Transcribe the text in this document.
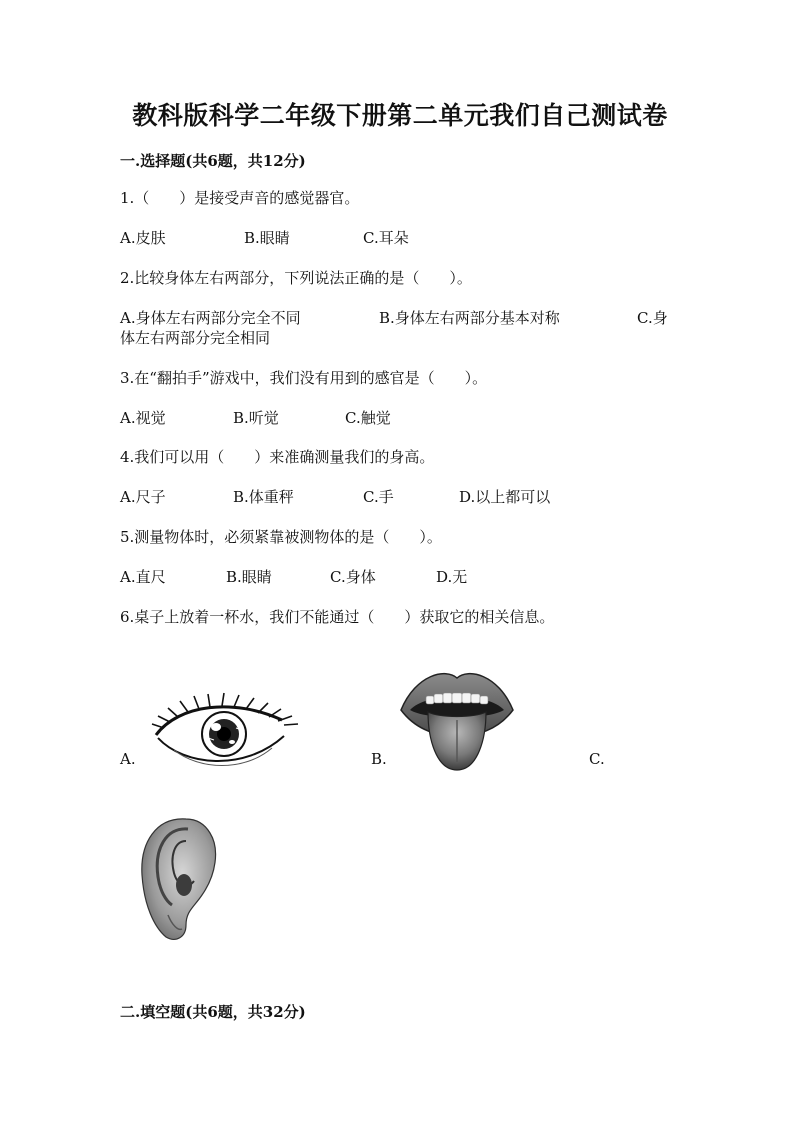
教科版科学二年级下册第二单元我们自己测试卷
一.选择题(共6题，共12分)
1.（　　）是接受声音的感觉器官。
A.皮肤	B.眼睛	C.耳朵
2.比较身体左右两部分，下列说法正确的是（　　）。
A.身体左右两部分完全不同	B.身体左右两部分基本对称	C.身
体左右两部分完全相同
3.在“翻拍手”游戏中，我们没有用到的感官是（　　）。
A.视觉	B.听觉	C.触觉
4.我们可以用（　　）来准确测量我们的身高。
A.尺子	B.体重秤	C.手	D.以上都可以
5.测量物体时，必须紧靠被测物体的是（　　）。
A.直尺	B.眼睛	C.身体	D.无
6.桌子上放着一杯水，我们不能通过（　　）获取它的相关信息。
A.	B.	C.
二.填空题(共6题，共32分)
